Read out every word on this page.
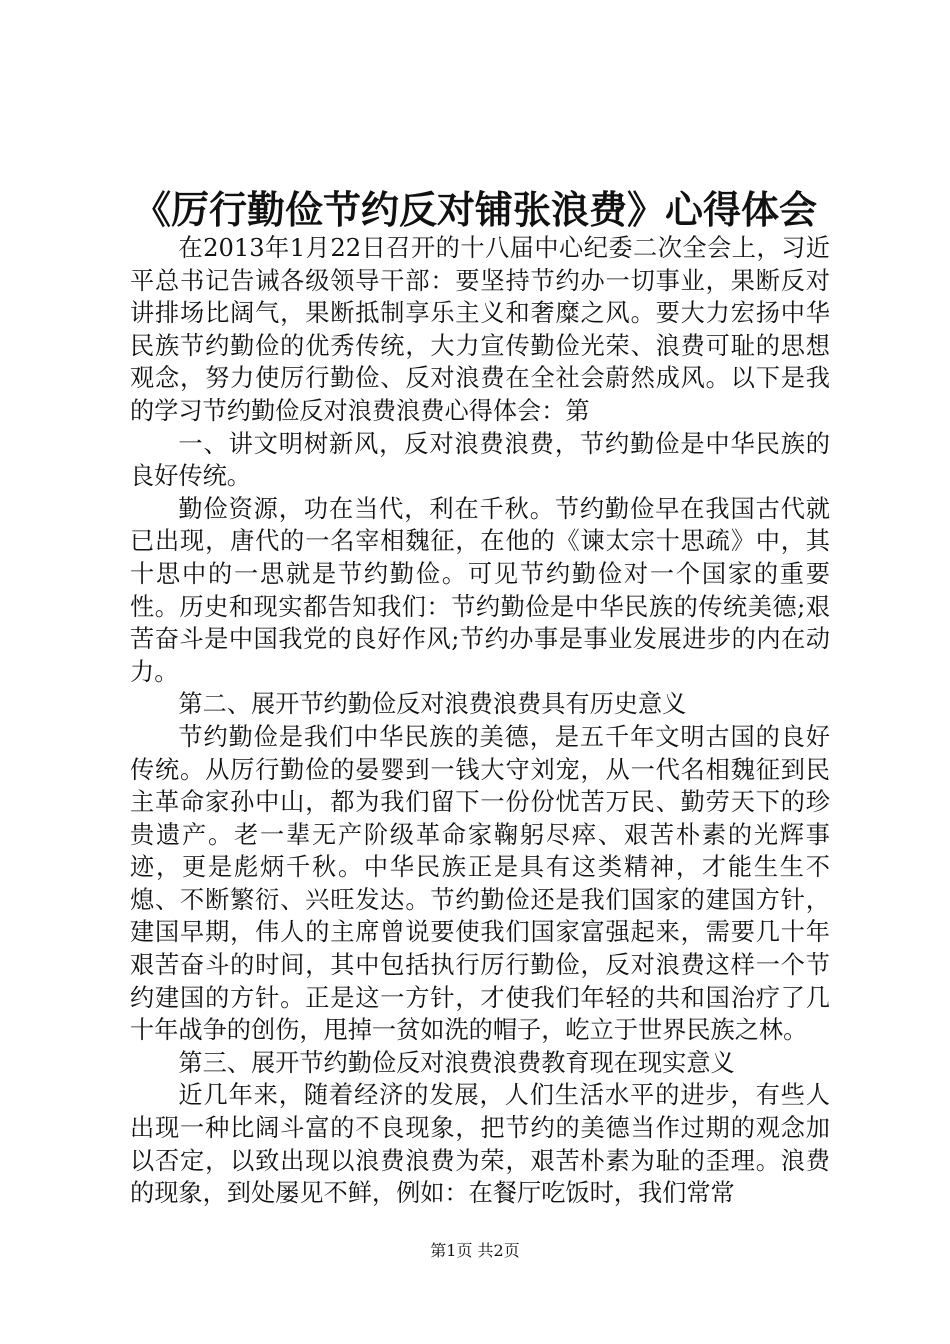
《厉行勤俭节约反对铺张浪费》心得体会

在2013年1月22日召开的十八届中心纪委二次全会上，习近平总书记告诫各级领导干部：要坚持节约办一切事业，果断反对讲排场比阔气，果断抵制享乐主义和奢糜之风。要大力宏扬中华民族节约勤俭的优秀传统，大力宣传勤俭光荣、浪费可耻的思想观念，努力使厉行勤俭、反对浪费在全社会蔚然成风。以下是我的学习节约勤俭反对浪费浪费心得体会：第

一、讲文明树新风，反对浪费浪费，节约勤俭是中华民族的良好传统。

勤俭资源，功在当代，利在千秋。节约勤俭早在我国古代就已出现，唐代的一名宰相魏征，在他的《谏太宗十思疏》中，其十思中的一思就是节约勤俭。可见节约勤俭对一个国家的重要性。历史和现实都告知我们：节约勤俭是中华民族的传统美德;艰苦奋斗是中国我党的良好作风;节约办事是事业发展进步的内在动力。

第二、展开节约勤俭反对浪费浪费具有历史意义

节约勤俭是我们中华民族的美德，是五千年文明古国的良好传统。从厉行勤俭的晏婴到一钱大守刘宠，从一代名相魏征到民主革命家孙中山，都为我们留下一份份忧苦万民、勤劳天下的珍贵遗产。老一辈无产阶级革命家鞠躬尽瘁、艰苦朴素的光辉事迹，更是彪炳千秋。中华民族正是具有这类精神，才能生生不熄、不断繁衍、兴旺发达。节约勤俭还是我们国家的建国方针，建国早期，伟人的主席曾说要使我们国家富强起来，需要几十年艰苦奋斗的时间，其中包括执行厉行勤俭，反对浪费这样一个节约建国的方针。正是这一方针，才使我们年轻的共和国治疗了几十年战争的创伤，甩掉一贫如洗的帽子，屹立于世界民族之林。

第三、展开节约勤俭反对浪费浪费教育现在现实意义

近几年来，随着经济的发展，人们生活水平的进步，有些人出现一种比阔斗富的不良现象，把节约的美德当作过期的观念加以否定，以致出现以浪费浪费为荣，艰苦朴素为耻的歪理。浪费的现象，到处屡见不鲜，例如：在餐厅吃饭时，我们常常

第1页 共2页
